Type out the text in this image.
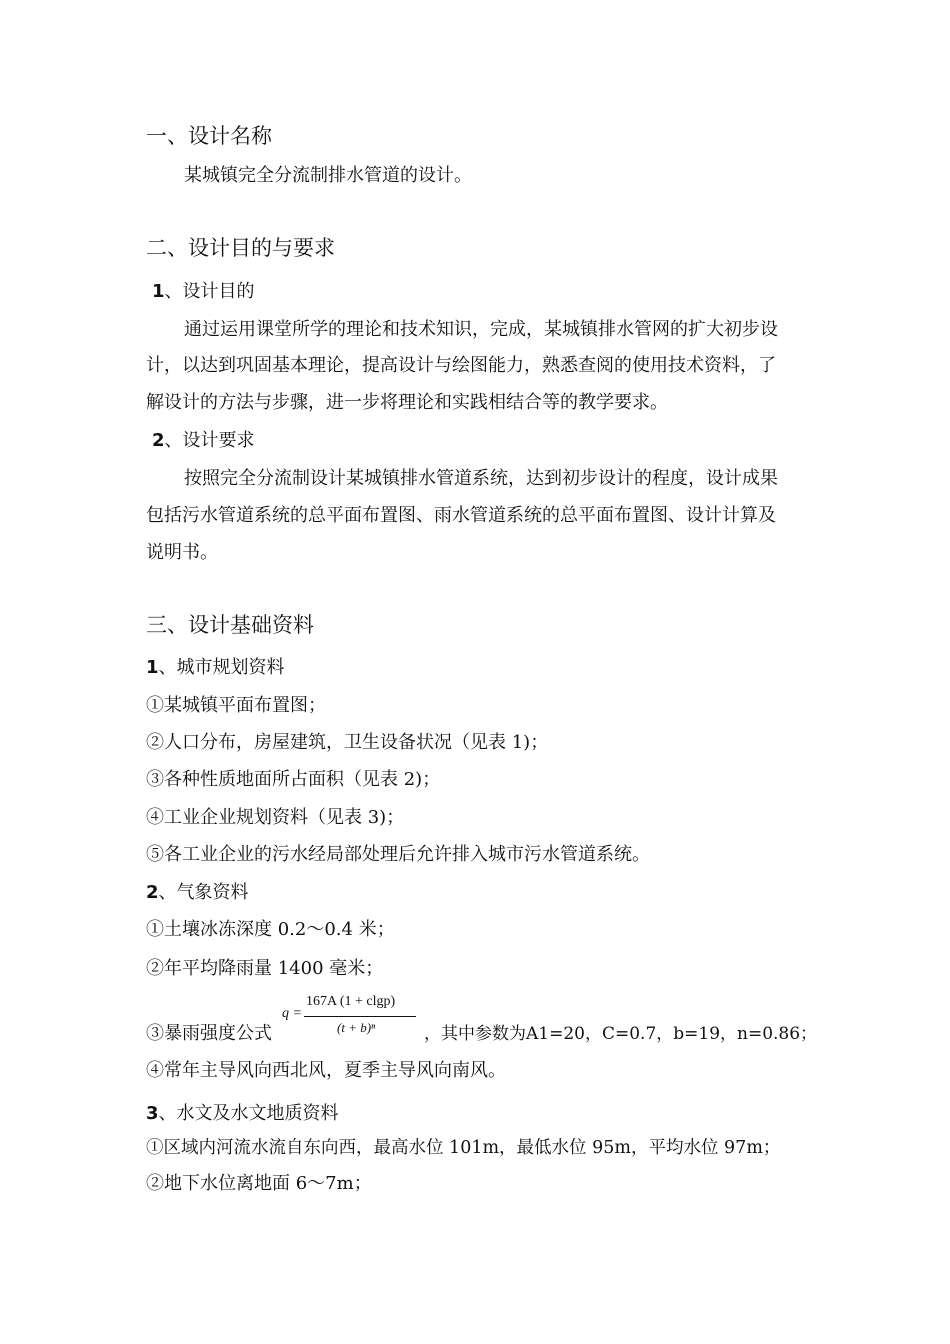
一、设计名称
某城镇完全分流制排水管道的设计。
二、设计目的与要求
1、设计目的
通过运用课堂所学的理论和技术知识，完成，某城镇排水管网的扩大初步设
计，以达到巩固基本理论，提高设计与绘图能力，熟悉查阅的使用技术资料，了
解设计的方法与步骤，进一步将理论和实践相结合等的教学要求。
2、设计要求
按照完全分流制设计某城镇排水管道系统，达到初步设计的程度，设计成果
包括污水管道系统的总平面布置图、雨水管道系统的总平面布置图、设计计算及
说明书。
三、设计基础资料
1、城市规划资料
①某城镇平面布置图；
②人口分布，房屋建筑，卫生设备状况（见表 1)；
③各种性质地面所占面积（见表 2)；
④工业企业规划资料（见表 3)；
⑤各工业企业的污水经局部处理后允许排入城市污水管道系统。
2、气象资料
①土壤冰冻深度 0.2～0.4 米；
②年平均降雨量 1400 毫米；
③暴雨强度公式
q =
167A (1 + clgp)
(t + b)ⁿ	，其中参数为A1=20，C=0.7，b=19，n=0.86；
④常年主导风向西北风，夏季主导风向南风。
3、水文及水文地质资料
①区域内河流水流自东向西，最高水位 101m，最低水位 95m，平均水位 97m；
②地下水位离地面 6～7m；
